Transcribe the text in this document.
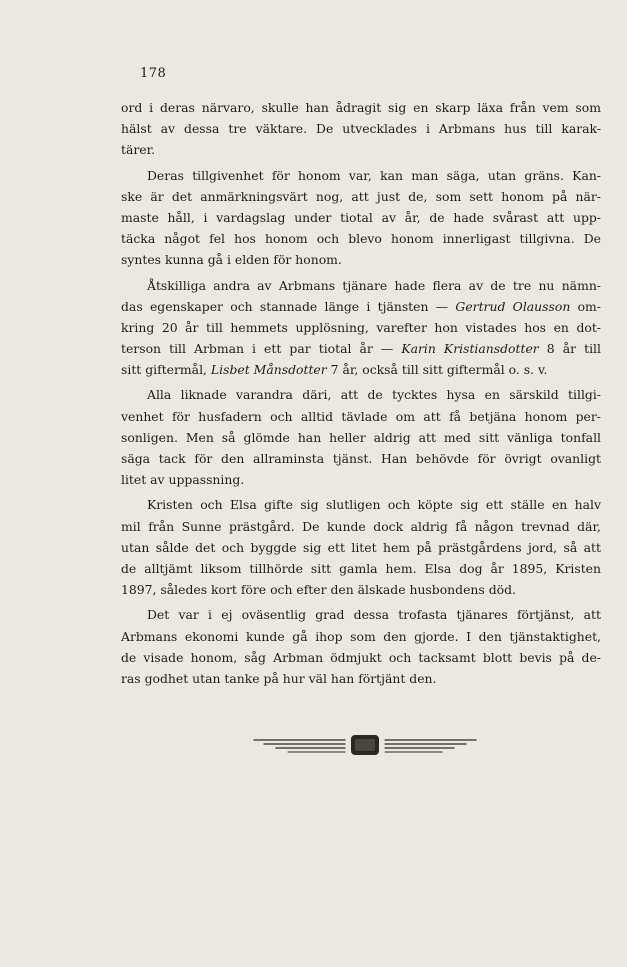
178
ord i deras närvaro, skulle han ådragit sig en skarp läxa från vem som
hälst av dessa tre väktare. De utvecklades i Arbmans hus till karak-
tärer.
Deras tillgivenhet för honom var, kan man säga, utan gräns. Kan-
ske är det anmärkningsvärt nog, att just de, som sett honom på när-
maste håll, i vardagslag under tiotal av år, de hade svårast att upp-
täcka något fel hos honom och blevo honom innerligast tillgivna. De
syntes kunna gå i elden för honom.
Åtskilliga andra av Arbmans tjänare hade flera av de tre nu nämn-
das egenskaper och stannade länge i tjänsten — Gertrud Olausson om-
kring 20 år till hemmets upplösning, varefter hon vistades hos en dot-
terson till Arbman i ett par tiotal år — Karin Kristiansdotter 8 år till
sitt giftermål, Lisbet Månsdotter 7 år, också till sitt giftermål o. s. v.
Alla liknade varandra däri, att de tycktes hysa en särskild tillgi-
venhet för husfadern och alltid tävlade om att få betjäna honom per-
sonligen. Men så glömde han heller aldrig att med sitt vänliga tonfall
säga tack för den allraminsta tjänst. Han behövde för övrigt ovanligt
litet av uppassning.
Kristen och Elsa gifte sig slutligen och köpte sig ett ställe en halv
mil från Sunne prästgård. De kunde dock aldrig få någon trevnad där,
utan sålde det och byggde sig ett litet hem på prästgårdens jord, så att
de alltjämt liksom tillhörde sitt gamla hem. Elsa dog år 1895, Kristen
1897, således kort före och efter den älskade husbondens död.
Det var i ej oväsentlig grad dessa trofasta tjänares förtjänst, att
Arbmans ekonomi kunde gå ihop som den gjorde. I den tjänstaktighet,
de visade honom, såg Arbman ödmjukt och tacksamt blott bevis på de-
ras godhet utan tanke på hur väl han förtjänt den.
